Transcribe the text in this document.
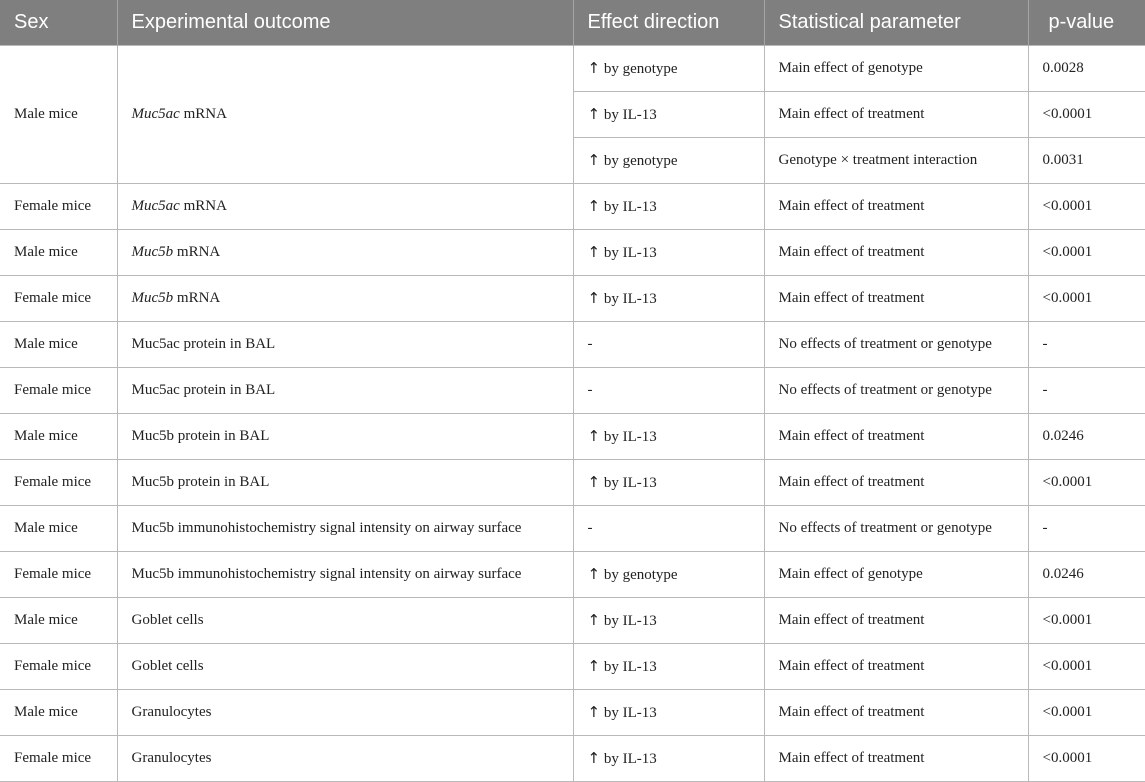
Sex	Experimental outcome	Effect direction	Statistical parameter	p-value
Male mice	Muc5ac mRNA	↑ by genotype	Main effect of genotype	0.0028
		↑ by IL-13	Main effect of treatment	<0.0001
		↑ by genotype	Genotype × treatment interaction	0.0031
Female mice	Muc5ac mRNA	↑ by IL-13	Main effect of treatment	<0.0001
Male mice	Muc5b mRNA	↑ by IL-13	Main effect of treatment	<0.0001
Female mice	Muc5b mRNA	↑ by IL-13	Main effect of treatment	<0.0001
Male mice	Muc5ac protein in BAL	-	No effects of treatment or genotype	-
Female mice	Muc5ac protein in BAL	-	No effects of treatment or genotype	-
Male mice	Muc5b protein in BAL	↑ by IL-13	Main effect of treatment	0.0246
Female mice	Muc5b protein in BAL	↑ by IL-13	Main effect of treatment	<0.0001
Male mice	Muc5b immunohistochemistry signal intensity on airway surface	-	No effects of treatment or genotype	-
Female mice	Muc5b immunohistochemistry signal intensity on airway surface	↑ by genotype	Main effect of genotype	0.0246
Male mice	Goblet cells	↑ by IL-13	Main effect of treatment	<0.0001
Female mice	Goblet cells	↑ by IL-13	Main effect of treatment	<0.0001
Male mice	Granulocytes	↑ by IL-13	Main effect of treatment	<0.0001
Female mice	Granulocytes	↑ by IL-13	Main effect of treatment	<0.0001
